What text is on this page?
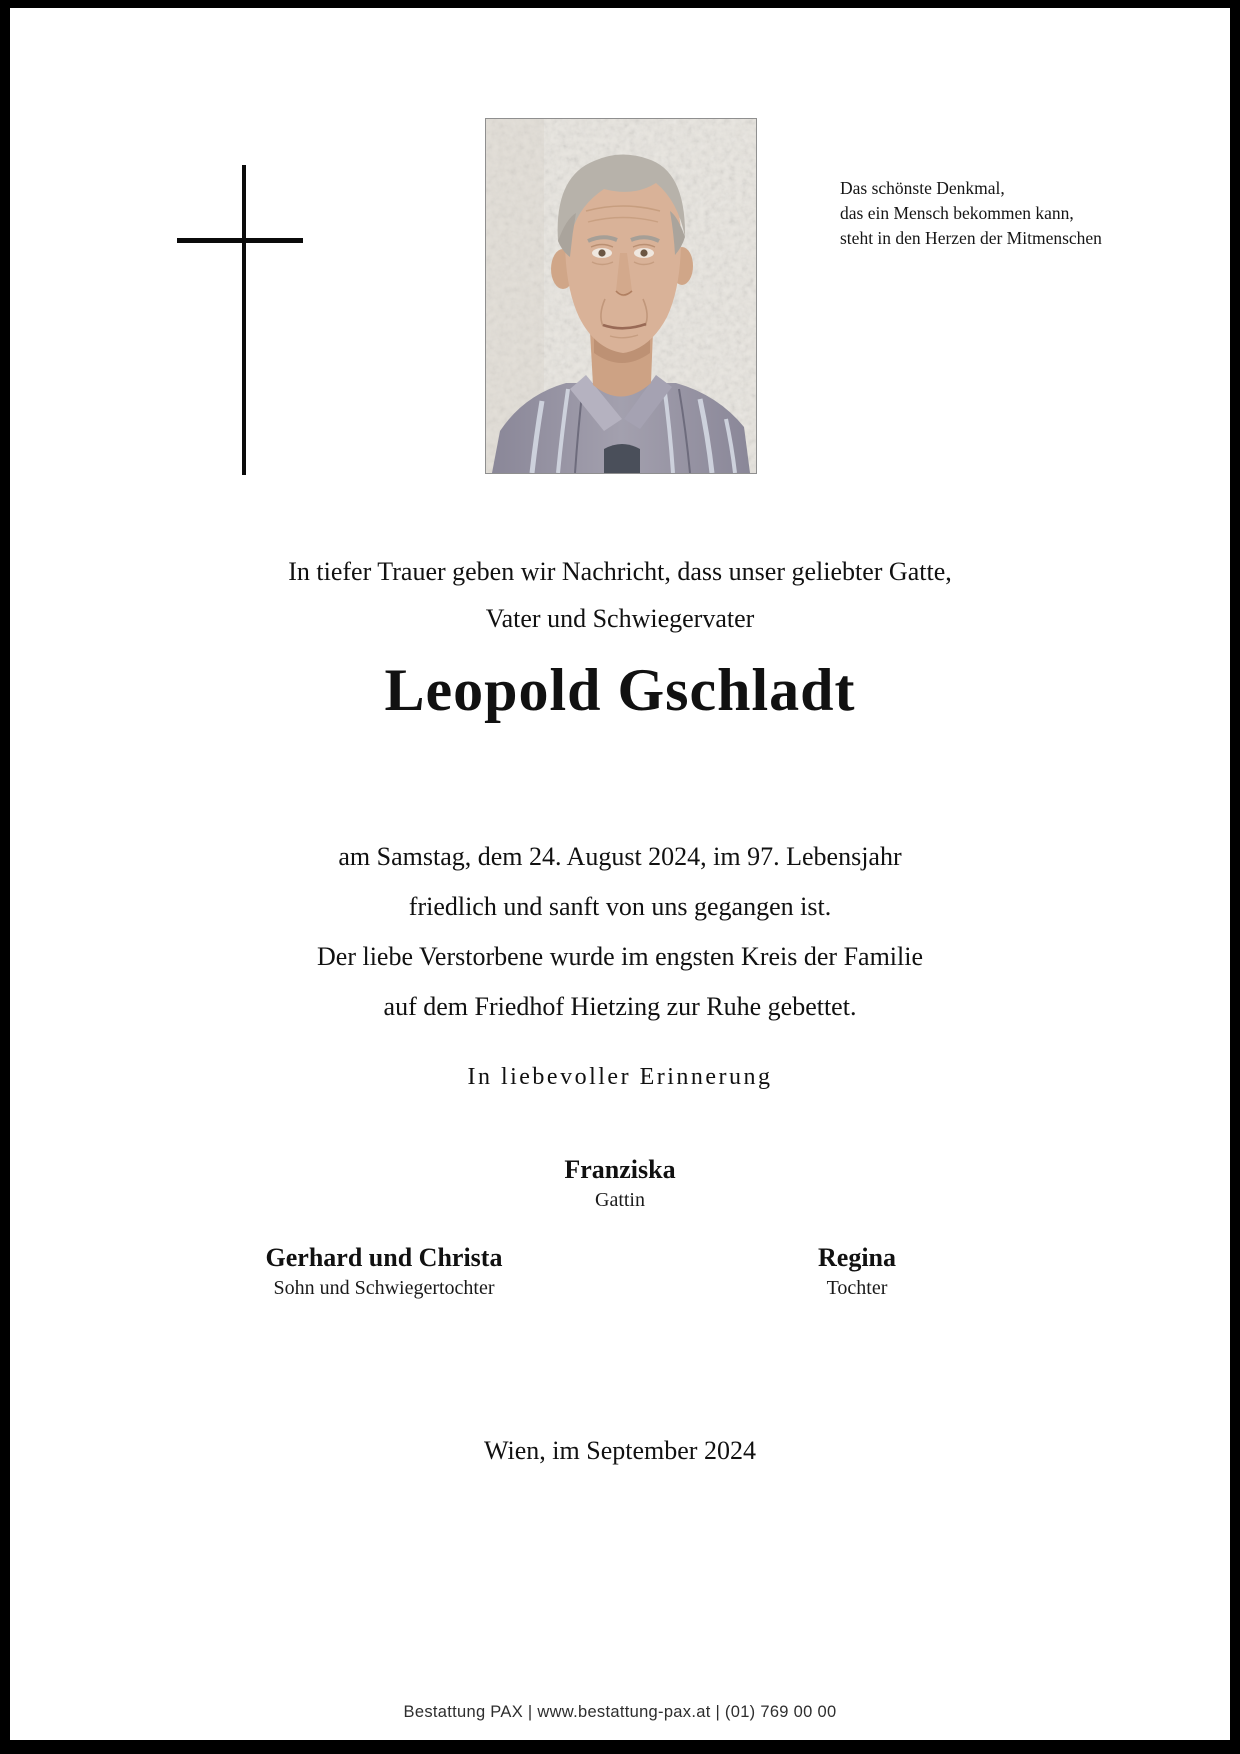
Das schönste Denkmal,
das ein Mensch bekommen kann,
steht in den Herzen der Mitmenschen
In tiefer Trauer geben wir Nachricht, dass unser geliebter Gatte,
Vater und Schwiegervater
Leopold Gschladt
am Samstag, dem 24. August 2024, im 97. Lebensjahr
friedlich und sanft von uns gegangen ist.
Der liebe Verstorbene wurde im engsten Kreis der Familie
auf dem Friedhof Hietzing zur Ruhe gebettet.
In liebevoller Erinnerung
Franziska
Gattin
Gerhard und Christa
Sohn und Schwiegertochter
Regina
Tochter
Wien, im September 2024
Bestattung PAX | www.bestattung-pax.at | (01) 769 00 00
